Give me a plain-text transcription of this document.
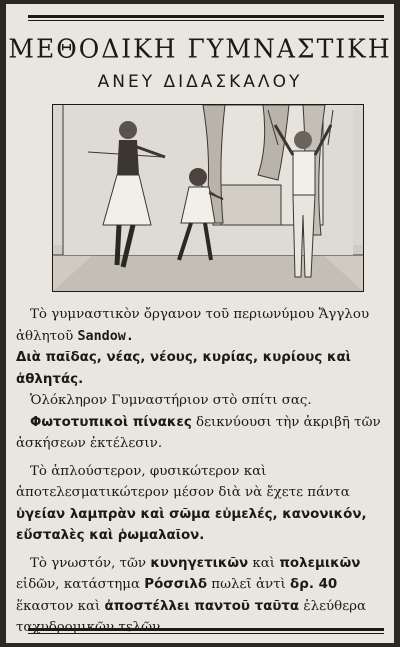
ΜΕΘΟΔΙΚΗ ΓΥΜΝΑΣΤΙΚΗ
ΑΝΕΥ ΔΙΔΑΣΚΑΛΟΥ

Τὸ γυμναστικὸν ὄργανον τοῦ περιωνύμου Ἄγγλου ἀθλητοῦ Sandow.

Διὰ παῖδας, νέας, νέους, κυρίας, κυρίους καὶ ἀθλητάς.

Ὁλόκληρον Γυμναστήριον στὸ σπίτι σας.

Φωτοτυπικοὶ πίνακες δεικνύουσι τὴν ἀκριβῆ τῶν ἀσκήσεων ἐκτέλεσιν.

Τὸ ἁπλούστερον, φυσικώτερον καὶ ἀποτελεσματικώτερον μέσον διὰ νὰ ἔχετε πάντα ὑγείαν λαμπρὰν καὶ σῶμα εὐμελές, κανονικόν, εὔσταλὲς καὶ ῥωμαλαῖον.

Τὸ γνωστόν, τῶν κυνηγετικῶν καὶ πολεμικῶν εἰδῶν, κατάστημα Ρόσσιλδ πωλεῖ ἀντὶ δρ. 40 ἕκαστον καὶ ἀποστέλλει παντοῦ ταῦτα ἐλεύθερα ταχυδρομικῶν τελῶν.
